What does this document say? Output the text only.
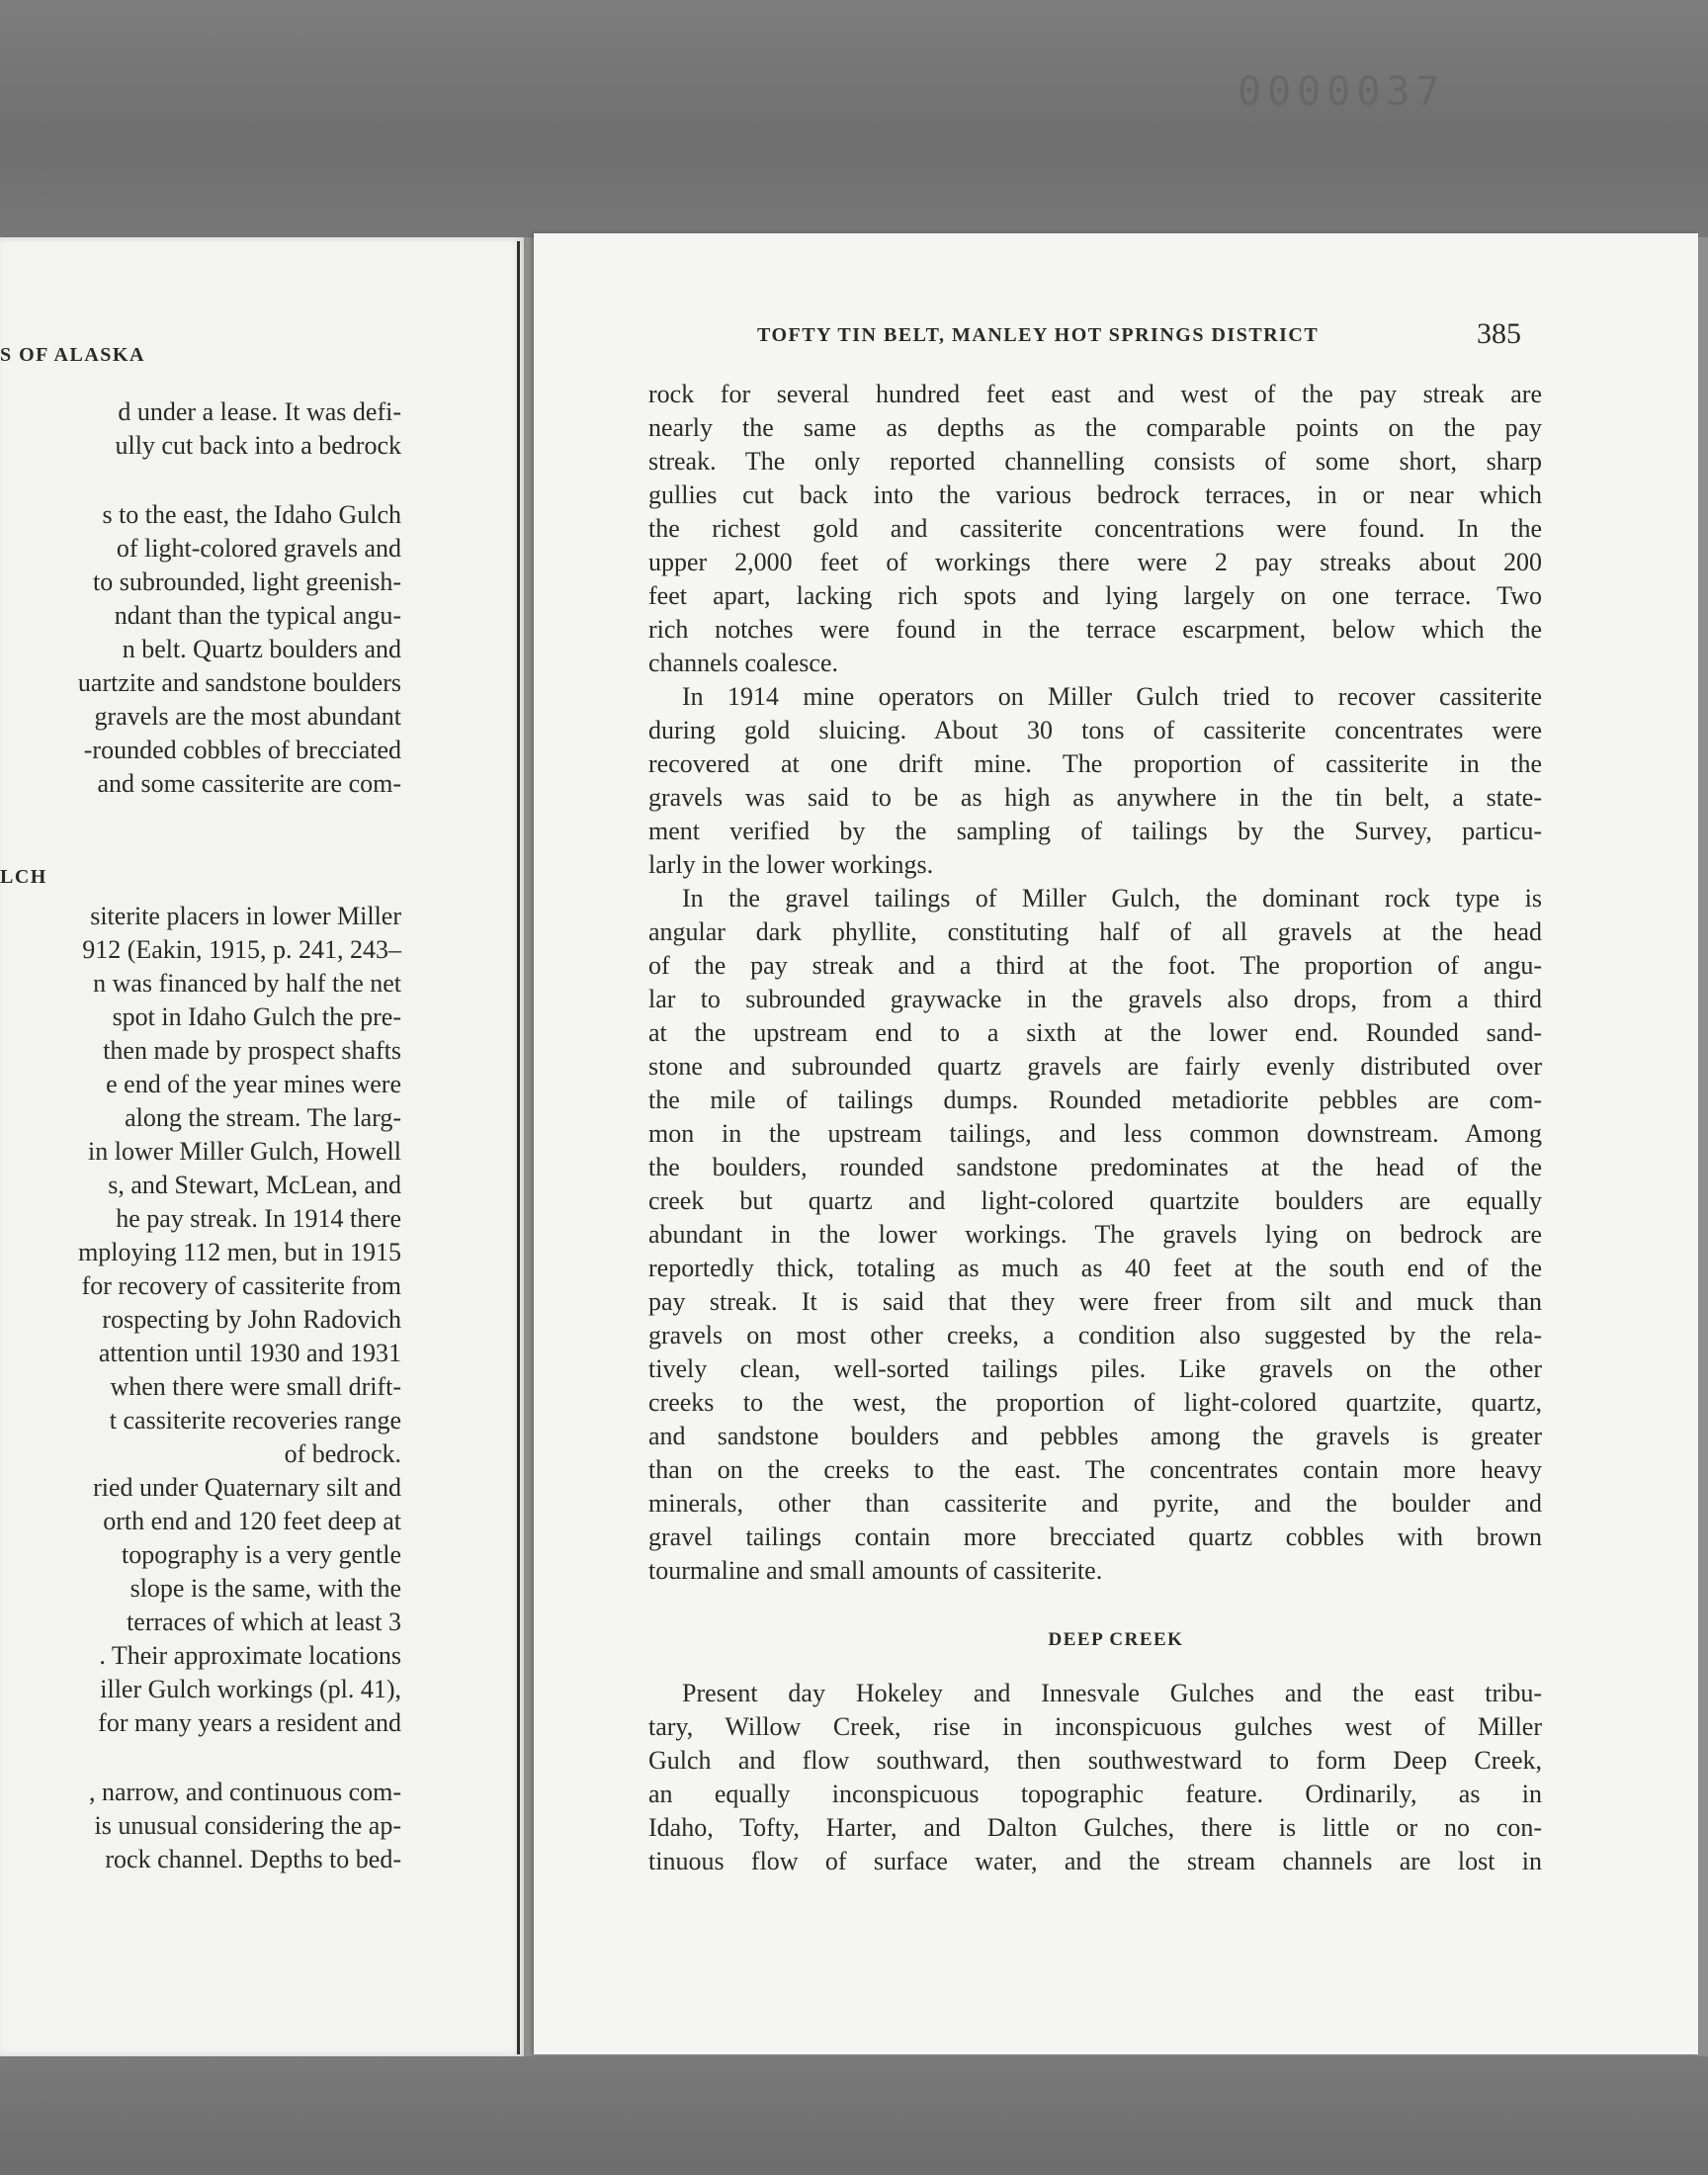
0000037
S OF ALASKA
d under a lease. It was defi-
ully cut back into a bedrock
s to the east, the Idaho Gulch
of light-colored gravels and
to subrounded, light greenish-
ndant than the typical angu-
n belt. Quartz boulders and
uartzite and sandstone boulders
gravels are the most abundant
-rounded cobbles of brecciated
and some cassiterite are com-
LCH
siterite placers in lower Miller
912 (Eakin, 1915, p. 241, 243–
n was financed by half the net
spot in Idaho Gulch the pre-
then made by prospect shafts
e end of the year mines were
along the stream. The larg-
in lower Miller Gulch, Howell
s, and Stewart, McLean, and
he pay streak. In 1914 there
mploying 112 men, but in 1915
for recovery of cassiterite from
rospecting by John Radovich
attention until 1930 and 1931
when there were small drift-
t cassiterite recoveries range
of bedrock.
ried under Quaternary silt and
orth end and 120 feet deep at
topography is a very gentle
slope is the same, with the
terraces of which at least 3
. Their approximate locations
iller Gulch workings (pl. 41),
for many years a resident and
, narrow, and continuous com-
is unusual considering the ap-
rock channel. Depths to bed-
TOFTY TIN BELT, MANLEY HOT SPRINGS DISTRICT	385
rock for several hundred feet east and west of the pay streak are
nearly the same as depths as the comparable points on the pay
streak. The only reported channelling consists of some short, sharp
gullies cut back into the various bedrock terraces, in or near which
the richest gold and cassiterite concentrations were found. In the
upper 2,000 feet of workings there were 2 pay streaks about 200
feet apart, lacking rich spots and lying largely on one terrace. Two
rich notches were found in the terrace escarpment, below which the
channels coalesce.
In 1914 mine operators on Miller Gulch tried to recover cassiterite
during gold sluicing. About 30 tons of cassiterite concentrates were
recovered at one drift mine. The proportion of cassiterite in the
gravels was said to be as high as anywhere in the tin belt, a state-
ment verified by the sampling of tailings by the Survey, particu-
larly in the lower workings.
In the gravel tailings of Miller Gulch, the dominant rock type is
angular dark phyllite, constituting half of all gravels at the head
of the pay streak and a third at the foot. The proportion of angu-
lar to subrounded graywacke in the gravels also drops, from a third
at the upstream end to a sixth at the lower end. Rounded sand-
stone and subrounded quartz gravels are fairly evenly distributed over
the mile of tailings dumps. Rounded metadiorite pebbles are com-
mon in the upstream tailings, and less common downstream. Among
the boulders, rounded sandstone predominates at the head of the
creek but quartz and light-colored quartzite boulders are equally
abundant in the lower workings. The gravels lying on bedrock are
reportedly thick, totaling as much as 40 feet at the south end of the
pay streak. It is said that they were freer from silt and muck than
gravels on most other creeks, a condition also suggested by the rela-
tively clean, well-sorted tailings piles. Like gravels on the other
creeks to the west, the proportion of light-colored quartzite, quartz,
and sandstone boulders and pebbles among the gravels is greater
than on the creeks to the east. The concentrates contain more heavy
minerals, other than cassiterite and pyrite, and the boulder and
gravel tailings contain more brecciated quartz cobbles with brown
tourmaline and small amounts of cassiterite.
DEEP CREEK
Present day Hokeley and Innesvale Gulches and the east tribu-
tary, Willow Creek, rise in inconspicuous gulches west of Miller
Gulch and flow southward, then southwestward to form Deep Creek,
an equally inconspicuous topographic feature. Ordinarily, as in
Idaho, Tofty, Harter, and Dalton Gulches, there is little or no con-
tinuous flow of surface water, and the stream channels are lost in
